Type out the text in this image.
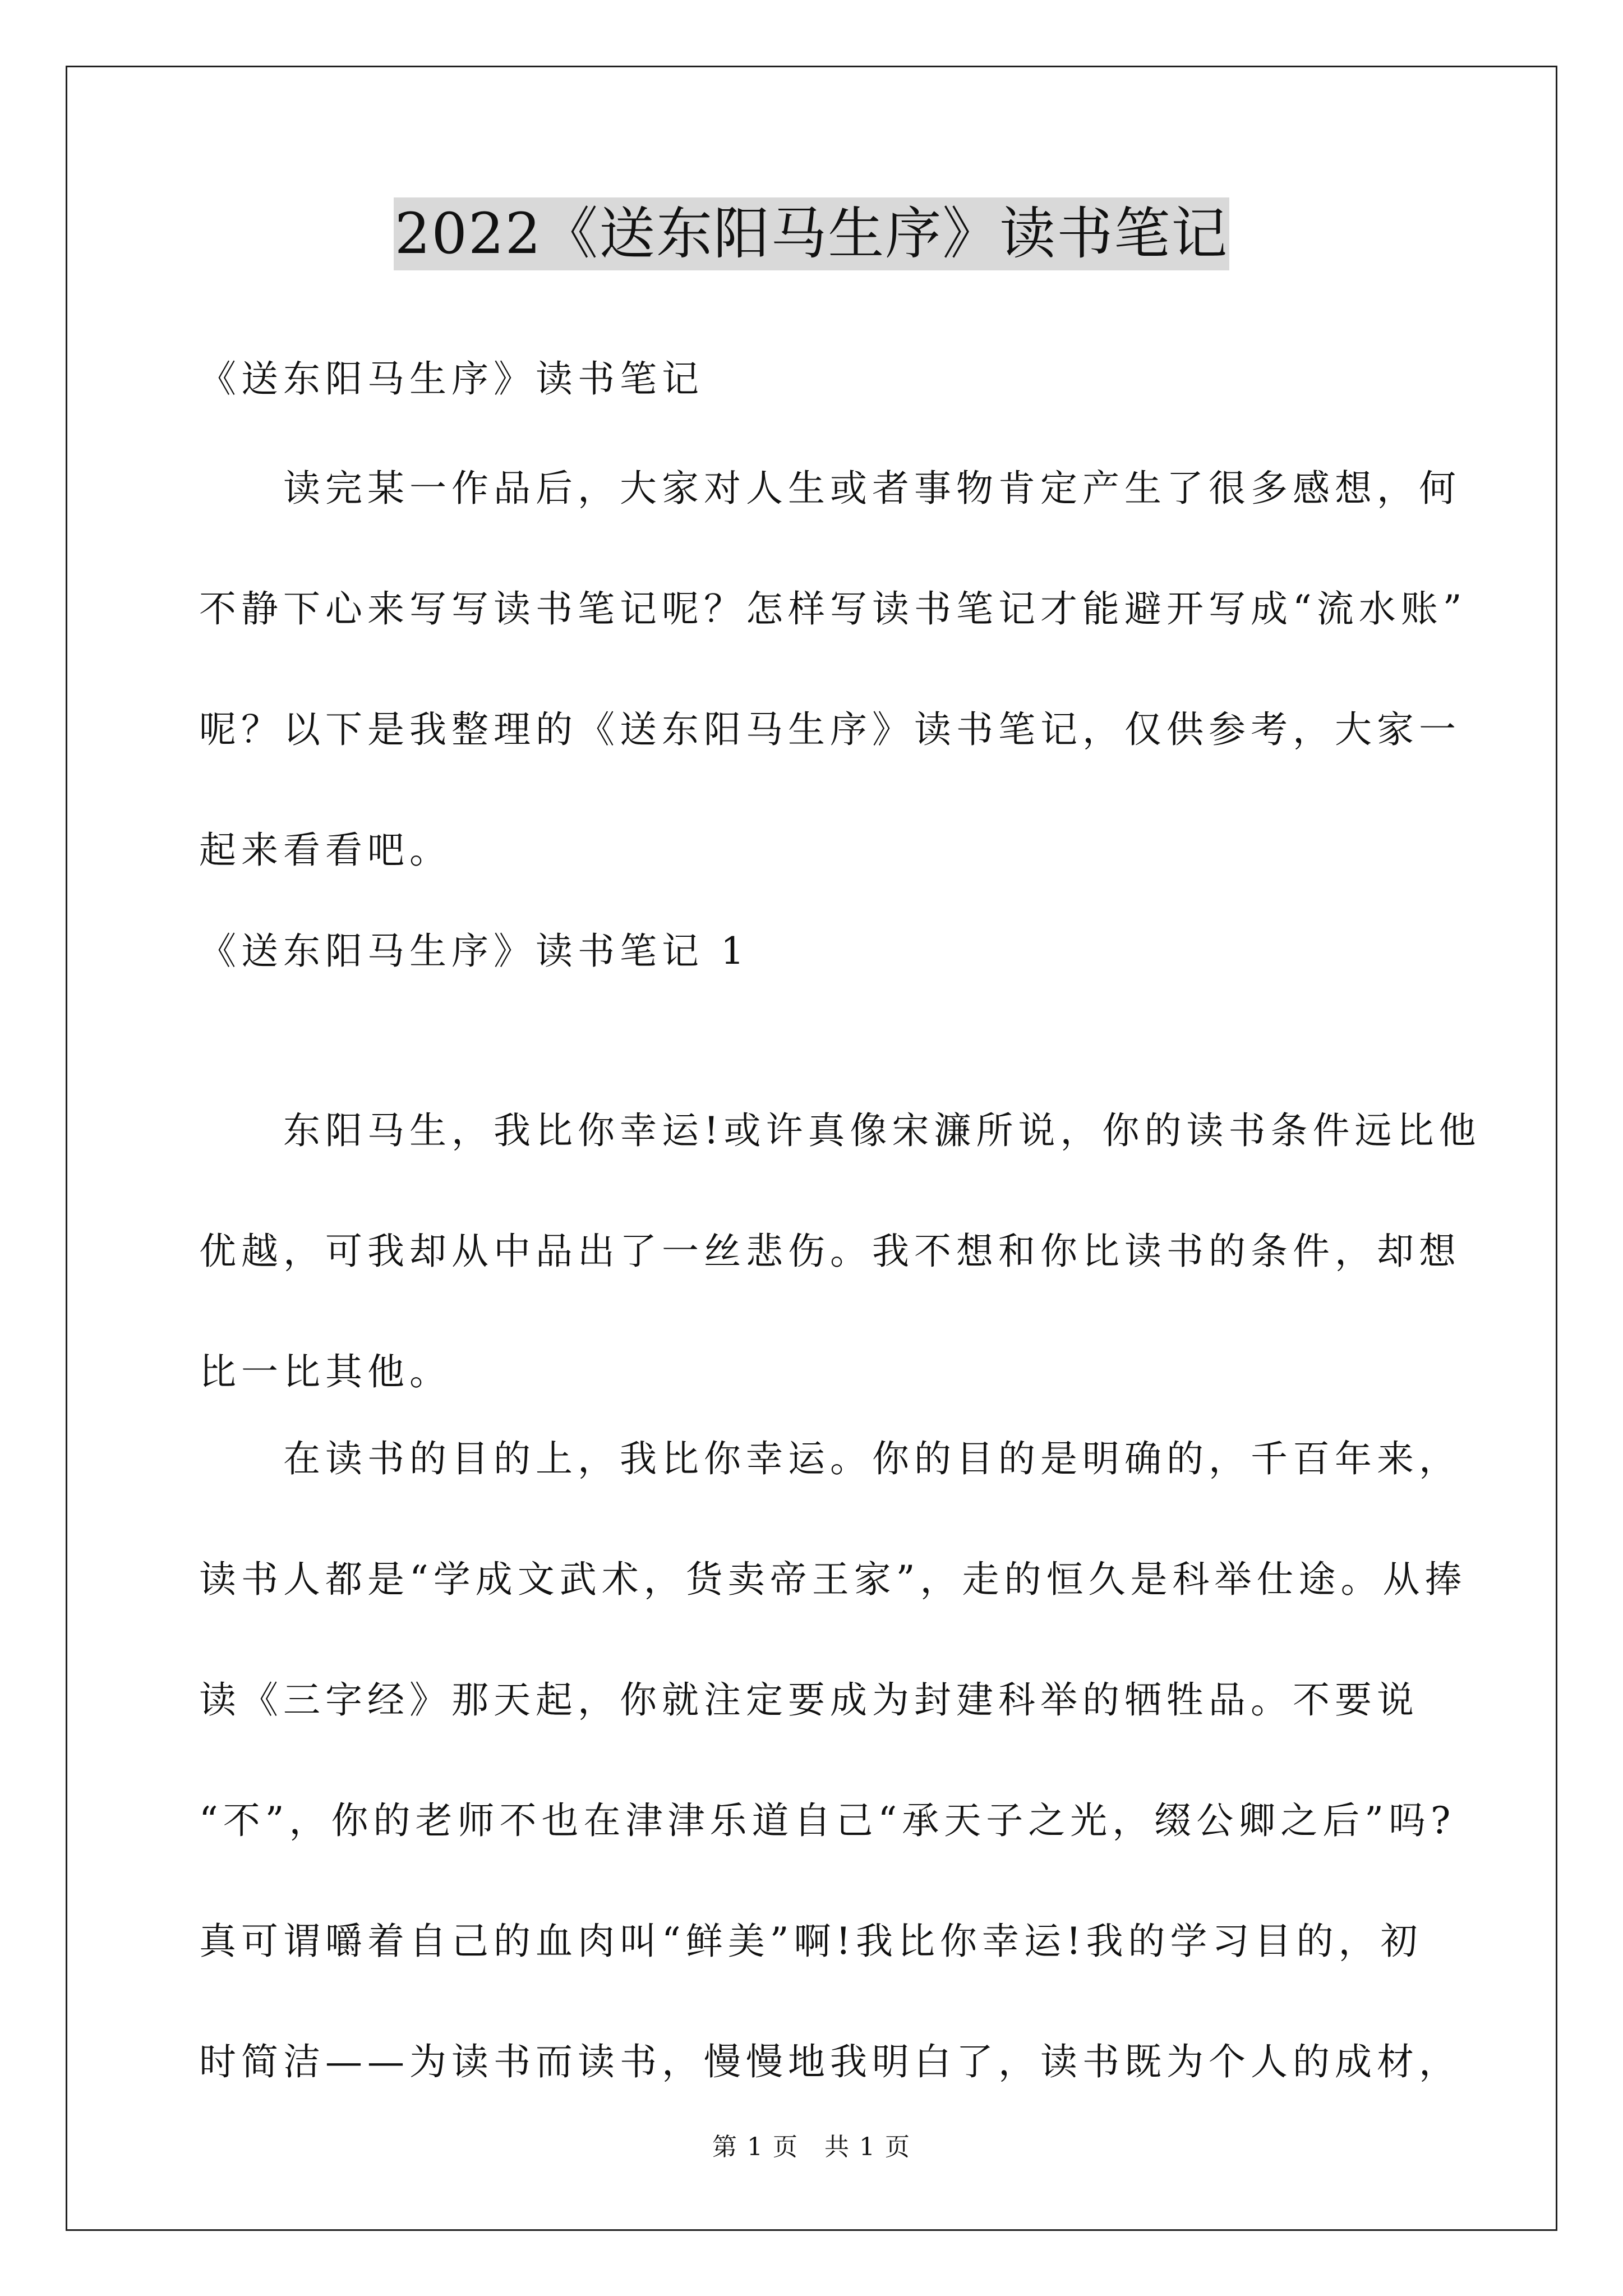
2022《送东阳马生序》读书笔记
《送东阳马生序》读书笔记
读完某一作品后，大家对人生或者事物肯定产生了很多感想，何
不静下心来写写读书笔记呢？怎样写读书笔记才能避开写成“流水账”
呢？以下是我整理的《送东阳马生序》读书笔记，仅供参考，大家一
起来看看吧。
《送东阳马生序》读书笔记 1
东阳马生，我比你幸运!或许真像宋濂所说，你的读书条件远比他
优越，可我却从中品出了一丝悲伤。我不想和你比读书的条件，却想
比一比其他。
在读书的目的上，我比你幸运。你的目的是明确的，千百年来，
读书人都是“学成文武术，货卖帝王家”，走的恒久是科举仕途。从捧
读《三字经》那天起，你就注定要成为封建科举的牺牲品。不要说
“不”，你的老师不也在津津乐道自己“承天子之光，缀公卿之后”吗?
真可谓嚼着自己的血肉叫“鲜美”啊!我比你幸运!我的学习目的，初
时简洁——为读书而读书，慢慢地我明白了，读书既为个人的成材，
第 1 页　共 1 页
